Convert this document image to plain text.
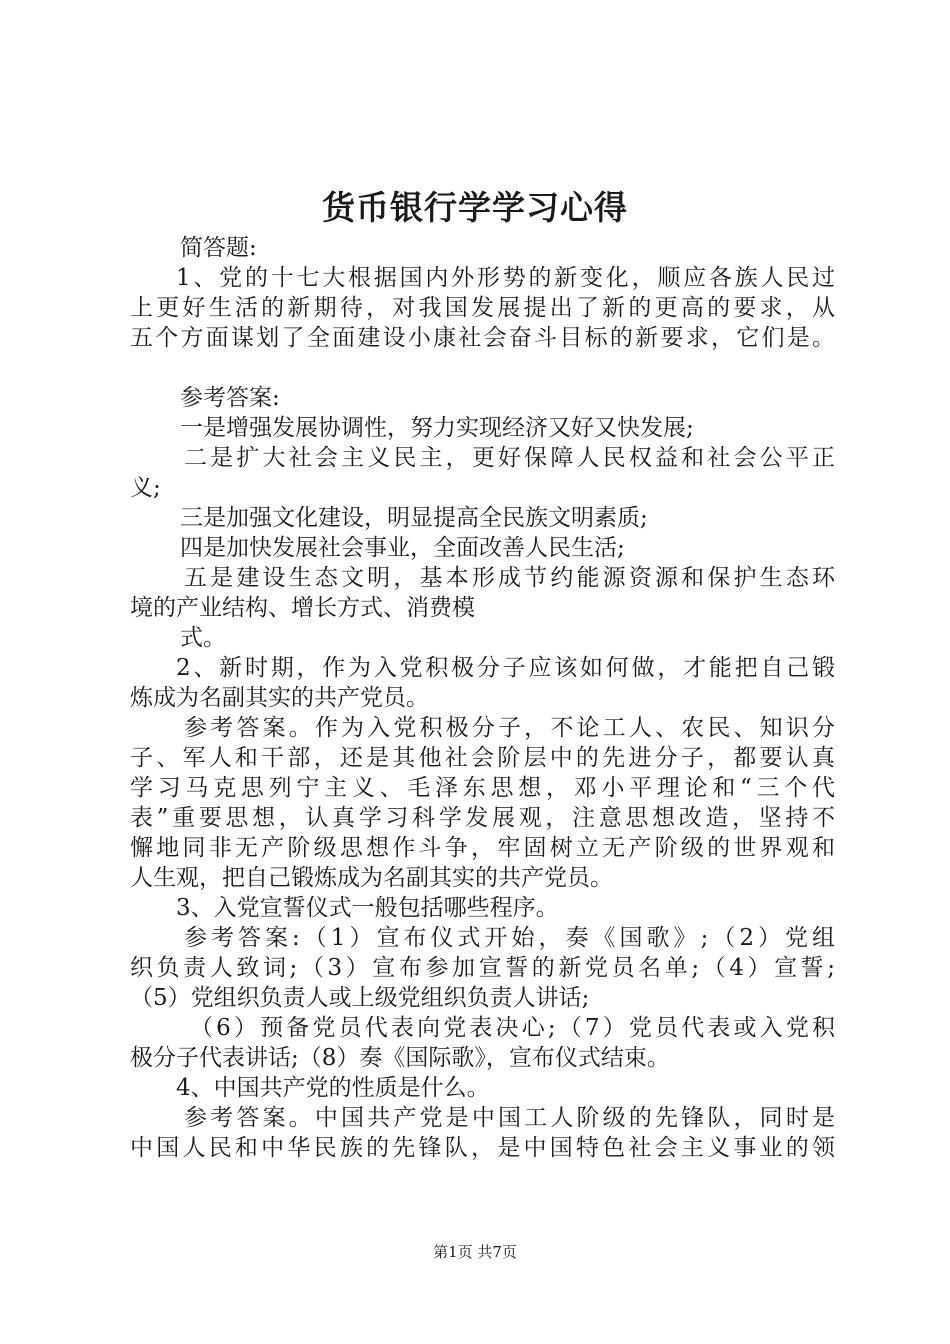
货币银行学学习心得
简答题:
1、党的十七大根据国内外形势的新变化，顺应各族人民过
上更好生活的新期待，对我国发展提出了新的更高的要求，从
五个方面谋划了全面建设小康社会奋斗目标的新要求，它们是。
参考答案:
一是增强发展协调性，努力实现经济又好又快发展;
二是扩大社会主义民主，更好保障人民权益和社会公平正
义;
三是加强文化建设，明显提高全民族文明素质;
四是加快发展社会事业，全面改善人民生活;
五是建设生态文明，基本形成节约能源资源和保护生态环
境的产业结构、增长方式、消费模
式。
2、新时期，作为入党积极分子应该如何做，才能把自己锻
炼成为名副其实的共产党员。
参考答案。作为入党积极分子，不论工人、农民、知识分
子、军人和干部，还是其他社会阶层中的先进分子，都要认真
学习马克思列宁主义、毛泽东思想，邓小平理论和“三个代
表”重要思想，认真学习科学发展观，注意思想改造，坚持不
懈地同非无产阶级思想作斗争，牢固树立无产阶级的世界观和
人生观，把自己锻炼成为名副其实的共产党员。
3、入党宣誓仪式一般包括哪些程序。
参考答案:（1）宣布仪式开始，奏《国歌》;（2）党组
织负责人致词;（3）宣布参加宣誓的新党员名单;（4）宣誓;
（5）党组织负责人或上级党组织负责人讲话;
（6）预备党员代表向党表决心;（7）党员代表或入党积
极分子代表讲话;（8）奏《国际歌》，宣布仪式结束。
4、中国共产党的性质是什么。
参考答案。中国共产党是中国工人阶级的先锋队，同时是
中国人民和中华民族的先锋队，是中国特色社会主义事业的领
第1页 共7页
